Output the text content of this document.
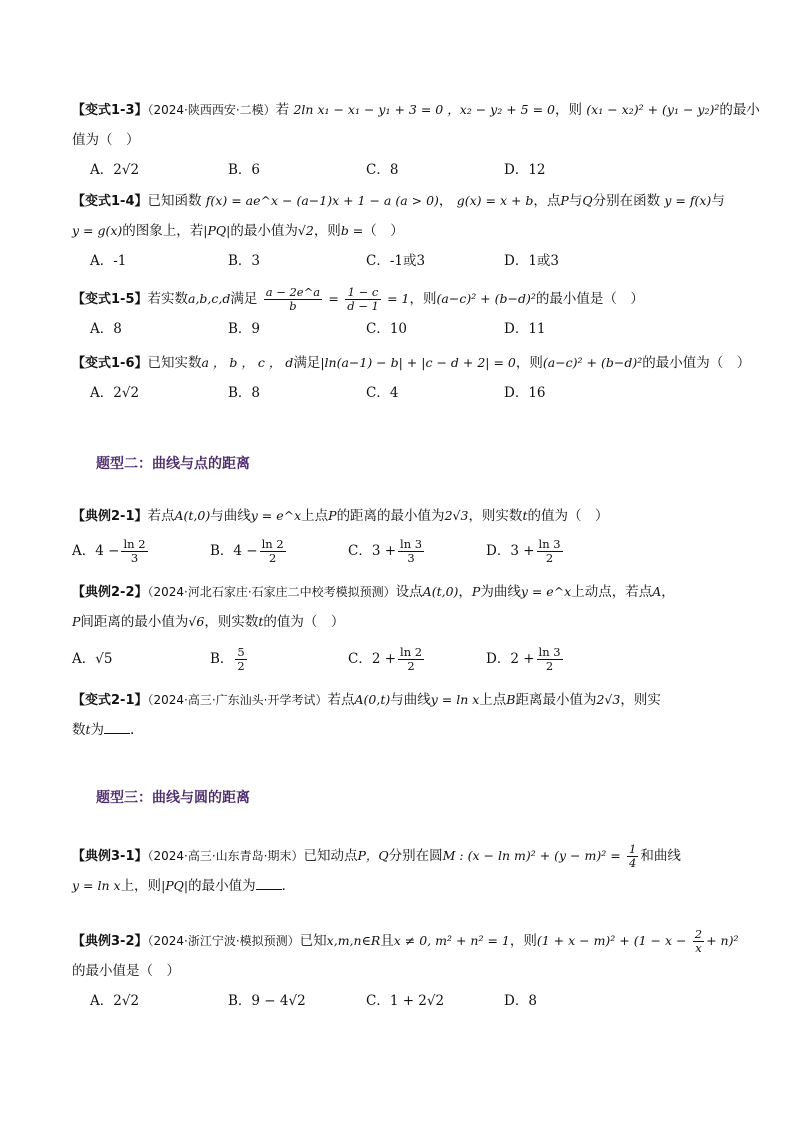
【变式1-3】（2024·陕西西安·二模）若 2ln x₁ − x₁ − y₁ + 3 = 0 ，x₂ − y₂ + 5 = 0，则 (x₁ − x₂)² + (y₁ − y₂)²的最小
值为（　）
A．2√2	B．6	C．8	D．12
【变式1-4】已知函数 f(x) = ae^x − (a−1)x + 1 − a (a > 0)， g(x) = x + b，点P与Q分别在函数 y = f(x)与
y = g(x)的图象上，若|PQ|的最小值为√2，则b =（　）
A．-1	B．3	C．-1或3	D．1或3
【变式1-5】若实数a,b,c,d满足 $\frac{a - 2e\^{}a}{b} = \frac{1 - c}{d - 1} = 1$，则(a−c)² + (b−d)²的最小值是（　）
A．8	B．9	C．10	D．11
【变式1-6】已知实数a ， b ， c ， d满足|ln(a−1) − b| + |c − d + 2| = 0，则(a−c)² + (b−d)²的最小值为（　）
A．2√2	B．8	C．4	D．16
题型二：曲线与点的距离
【典例2-1】若点A(t,0)与曲线y = e^x上点P的距离的最小值为2√3，则实数t的值为（　）
A．$4 - \frac{\ln 2}{3}$	B．$4 - \frac{\ln 2}{2}$	C．$3 + \frac{\ln 3}{3}$	D．$3 + \frac{\ln 3}{2}$
【典例2-2】（2024·河北石家庄·石家庄二中校考模拟预测）设点A(t,0)，P为曲线y = e^x上动点，若点A，
P间距离的最小值为√6，则实数t的值为（　）
A．√5	B． $\frac{5}{2}$	C．$2 + \frac{\ln 2}{2}$	D．$2 + \frac{\ln 3}{2}$
【变式2-1】（2024·高三·广东汕头·开学考试）若点A(0,t)与曲线y = ln x上点B距离最小值为2√3，则实
数t为 .
题型三：曲线与圆的距离
【典例3-1】（2024·高三·山东青岛·期末）已知动点P，Q分别在圆M : $(x - \ln m)^2 + (y - m)^2 = \frac{1}{4}$ 和曲线
y = ln x上，则|PQ|的最小值为 ．
【典例3-2】（2024·浙江宁波·模拟预测）已知x,m,n∈R且x ≠ 0, m² + n² = 1，则$(1 + x - m)^2 + (1 - x - \frac{2}{x} + n)^2$
的最小值是（　）
A．2√2	B．9 − 4√2	C．1 + 2√2	D．8
